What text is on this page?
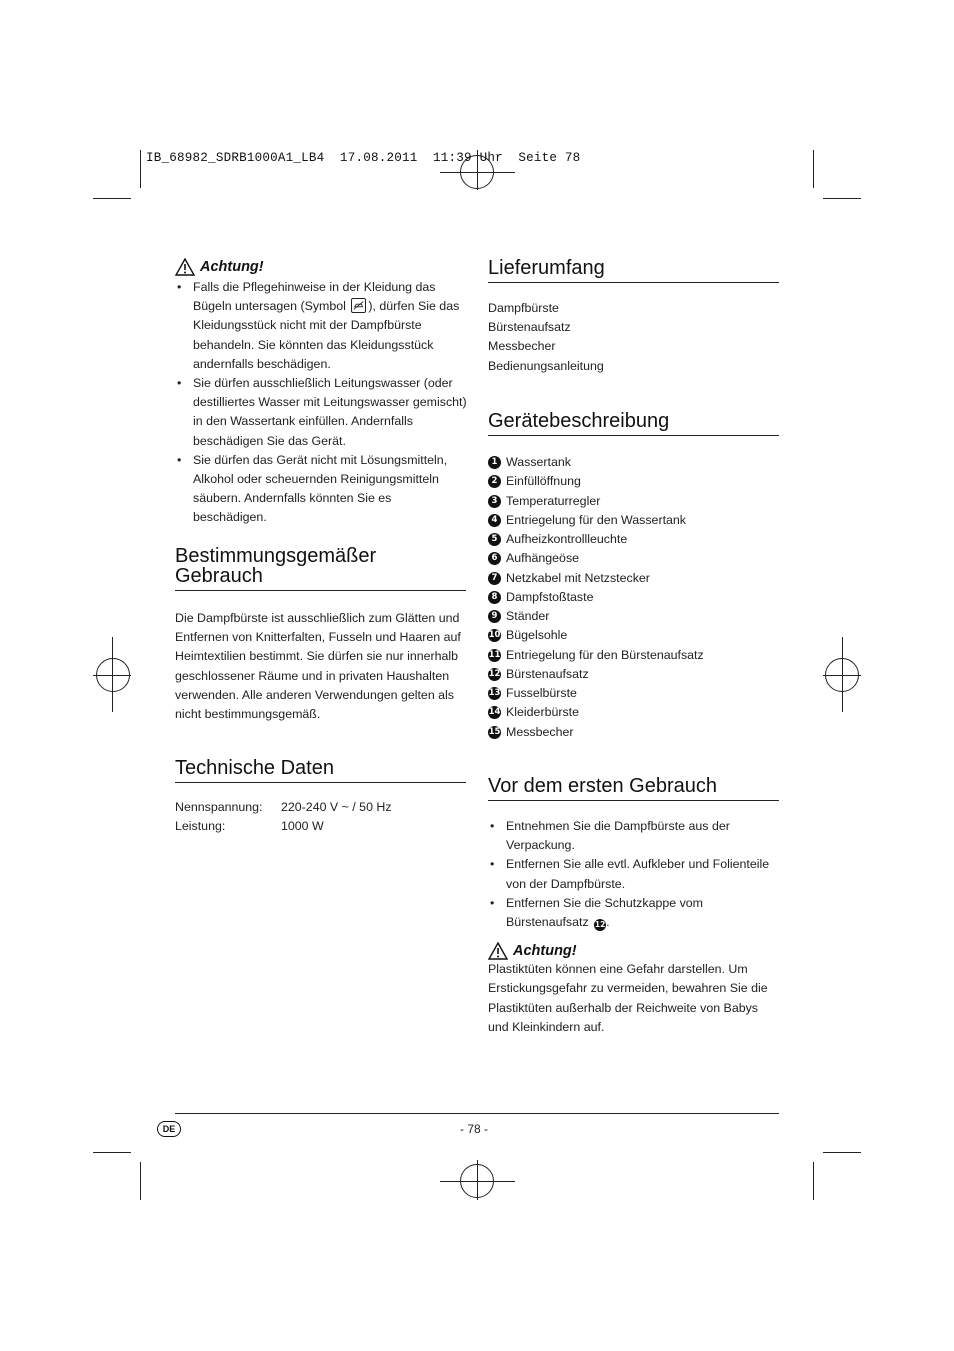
IB_68982_SDRB1000A1_LB4  17.08.2011  11:39 Uhr  Seite 78
Achtung!
• Falls die Pflegehinweise in der Kleidung das Bügeln untersagen (Symbol
), dürfen Sie das Kleidungsstück nicht mit der Dampfbürste behandeln. Sie könnten das Kleidungsstück andernfalls beschädigen.
• Sie dürfen ausschließlich Leitungswasser (oder destilliertes Wasser mit Leitungswasser gemischt) in den Wassertank einfüllen. Andernfalls beschädigen Sie das Gerät.
• Sie dürfen das Gerät nicht mit Lösungsmitteln, Alkohol oder scheuernden Reinigungsmitteln säubern. Andernfalls könnten Sie es beschädigen.
Bestimmungsgemäßer
Gebrauch

Die Dampfbürste ist ausschließlich zum Glätten und Entfernen von Knitterfalten, Fusseln und Haaren auf Heimtextilien bestimmt. Sie dürfen sie nur innerhalb geschlossener Räume und in privaten Haushalten verwenden. Alle anderen Verwendungen gelten als nicht bestimmungsgemäß.

Technische Daten
Nennspannung:	220-240 V ~ / 50 Hz
Leistung:	1000 W
Lieferumfang
Dampfbürste
Bürstenaufsatz
Messbecher
Bedienungsanleitung
Gerätebeschreibung
1 Wassertank
2 Einfüllöffnung
3 Temperaturregler
4 Entriegelung für den Wassertank
5 Aufheizkontrollleuchte
6 Aufhängeöse
7 Netzkabel mit Netzstecker
8 Dampfstoßtaste
9 Ständer
10 Bügelsohle
11 Entriegelung für den Bürstenaufsatz
12 Bürstenaufsatz
13 Fusselbürste
14 Kleiderbürste
15 Messbecher
Vor dem ersten Gebrauch
• Entnehmen Sie die Dampfbürste aus der Verpackung.
• Entfernen Sie alle evtl. Aufkleber und Folienteile von der Dampfbürste.
• Entfernen Sie die Schutzkappe vom Bürstenaufsatz 12.
Achtung!

Plastiktüten können eine Gefahr darstellen. Um Erstickungsgefahr zu vermeiden, bewahren Sie die Plastiktüten außerhalb der Reichweite von Babys und Kleinkindern auf.

DE	- 78 -
